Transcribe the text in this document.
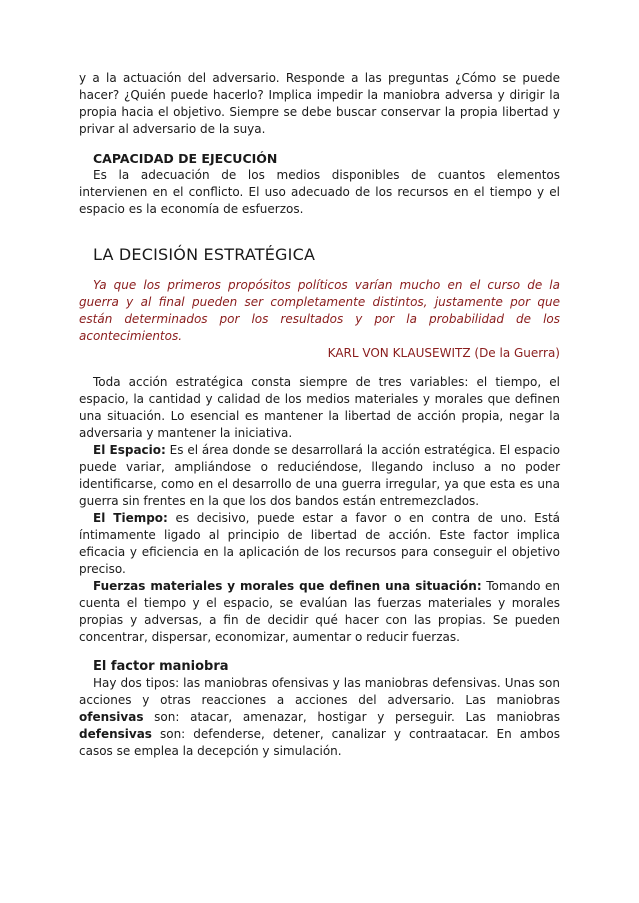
y a la actuación del adversario. Responde a las preguntas ¿Cómo se puede hacer? ¿Quién puede hacerlo? Implica impedir la maniobra adversa y dirigir la propia hacia el objetivo. Siempre se debe buscar conservar la propia libertad y privar al adversario de la suya.

CAPACIDAD DE EJECUCIÓN

Es la adecuación de los medios disponibles de cuantos elementos intervienen en el conflicto. El uso adecuado de los recursos en el tiempo y el espacio es la economía de esfuerzos.

LA DECISIÓN ESTRATÉGICA

Ya que los primeros propósitos políticos varían mucho en el curso de la guerra y al final pueden ser completamente distintos, justamente por que están determinados por los resultados y por la probabilidad de los acontecimientos.

KARL VON KLAUSEWITZ (De la Guerra)

Toda acción estratégica consta siempre de tres variables: el tiempo, el espacio, la cantidad y calidad de los medios materiales y morales que definen una situación. Lo esencial es mantener la libertad de acción propia, negar la adversaria y mantener la iniciativa.

El Espacio: Es el área donde se desarrollará la acción estratégica. El espacio puede variar, ampliándose o reduciéndose, llegando incluso a no poder identificarse, como en el desarrollo de una guerra irregular, ya que esta es una guerra sin frentes en la que los dos bandos están entremezclados.

El Tiempo: es decisivo, puede estar a favor o en contra de uno. Está íntimamente ligado al principio de libertad de acción. Este factor implica eficacia y eficiencia en la aplicación de los recursos para conseguir el objetivo preciso.

Fuerzas materiales y morales que definen una situación: Tomando en cuenta el tiempo y el espacio, se evalúan las fuerzas materiales y morales propias y adversas, a fin de decidir qué hacer con las propias. Se pueden concentrar, dispersar, economizar, aumentar o reducir fuerzas.

El factor maniobra

Hay dos tipos: las maniobras ofensivas y las maniobras defensivas. Unas son acciones y otras reacciones a acciones del adversario. Las maniobras ofensivas son: atacar, amenazar, hostigar y perseguir. Las maniobras defensivas son: defenderse, detener, canalizar y contraatacar. En ambos casos se emplea la decepción y simulación.
